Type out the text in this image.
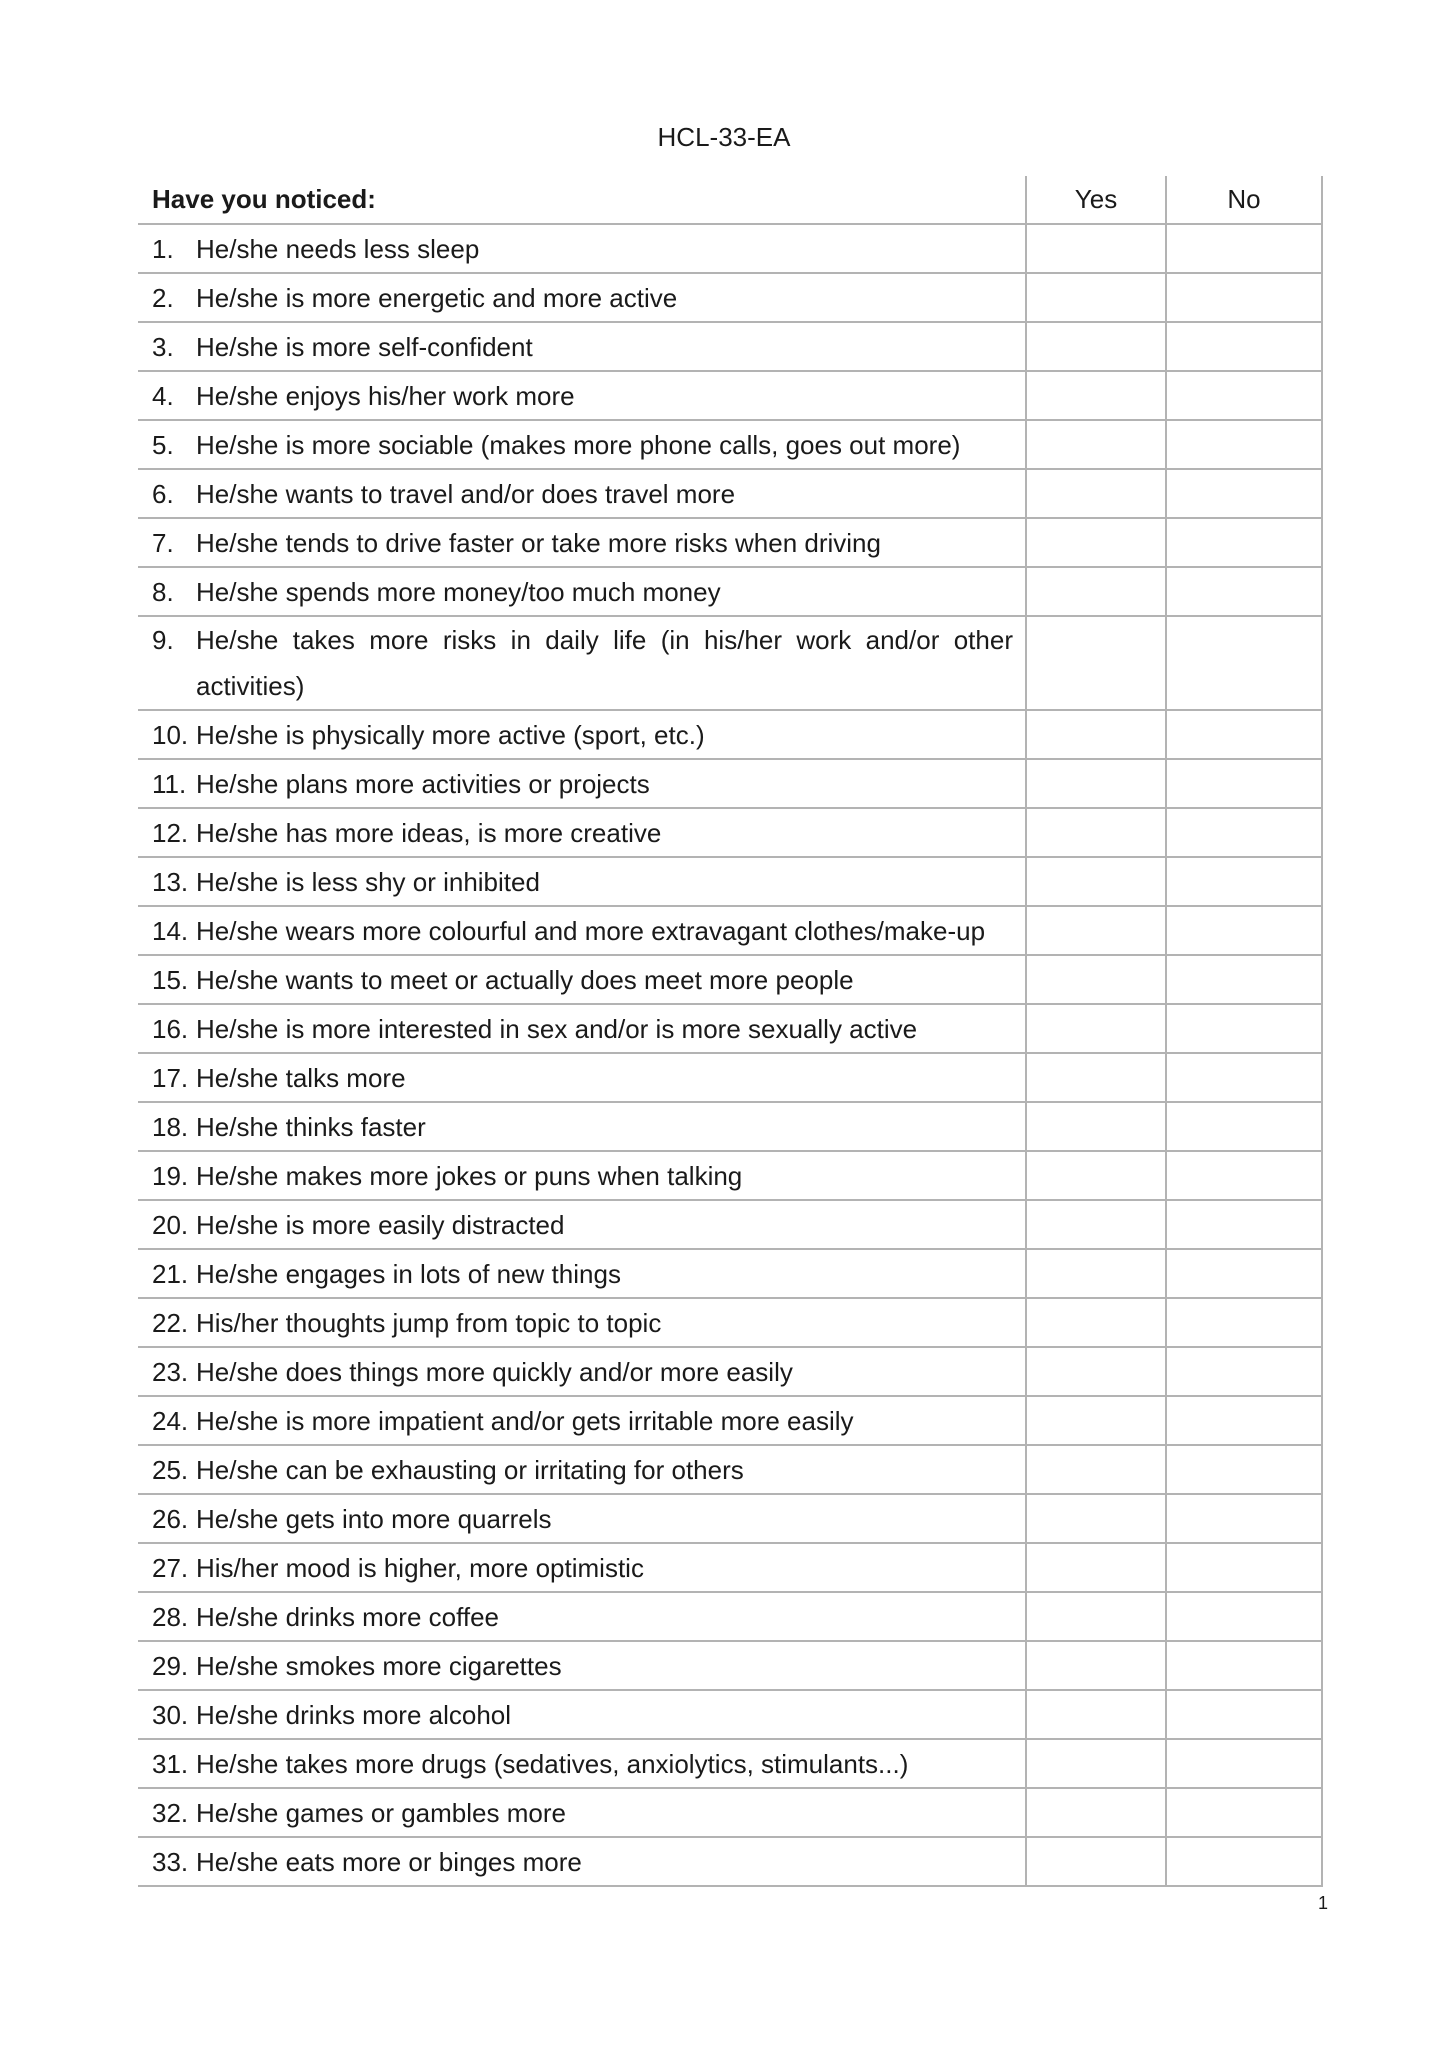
HCL-33-EA
Have you noticed:	Yes	No

1. He/she needs less sleep		

2. He/she is more energetic and more active		

3. He/she is more self-confident		

4. He/she enjoys his/her work more		

5. He/she is more sociable (makes more phone calls, goes out more)		

6. He/she wants to travel and/or does travel more		

7. He/she tends to drive faster or take more risks when driving		

8. He/she spends more money/too much money		

9. He/she takes more risks in daily life (in his/her work and/or other activities)		

10. He/she is physically more active (sport, etc.)		

11. He/she plans more activities or projects		

12. He/she has more ideas, is more creative		

13. He/she is less shy or inhibited		

14. He/she wears more colourful and more extravagant clothes/make-up		

15. He/she wants to meet or actually does meet more people		

16. He/she is more interested in sex and/or is more sexually active		

17. He/she talks more		

18. He/she thinks faster		

19. He/she makes more jokes or puns when talking		

20. He/she is more easily distracted		

21. He/she engages in lots of new things		

22. His/her thoughts jump from topic to topic		

23. He/she does things more quickly and/or more easily		

24. He/she is more impatient and/or gets irritable more easily		

25. He/she can be exhausting or irritating for others		

26. He/she gets into more quarrels		

27. His/her mood is higher, more optimistic		

28. He/she drinks more coffee		

29. He/she smokes more cigarettes		

30. He/she drinks more alcohol		

31. He/she takes more drugs (sedatives, anxiolytics, stimulants...)		

32. He/she games or gambles more		

33. He/she eats more or binges more		

1
